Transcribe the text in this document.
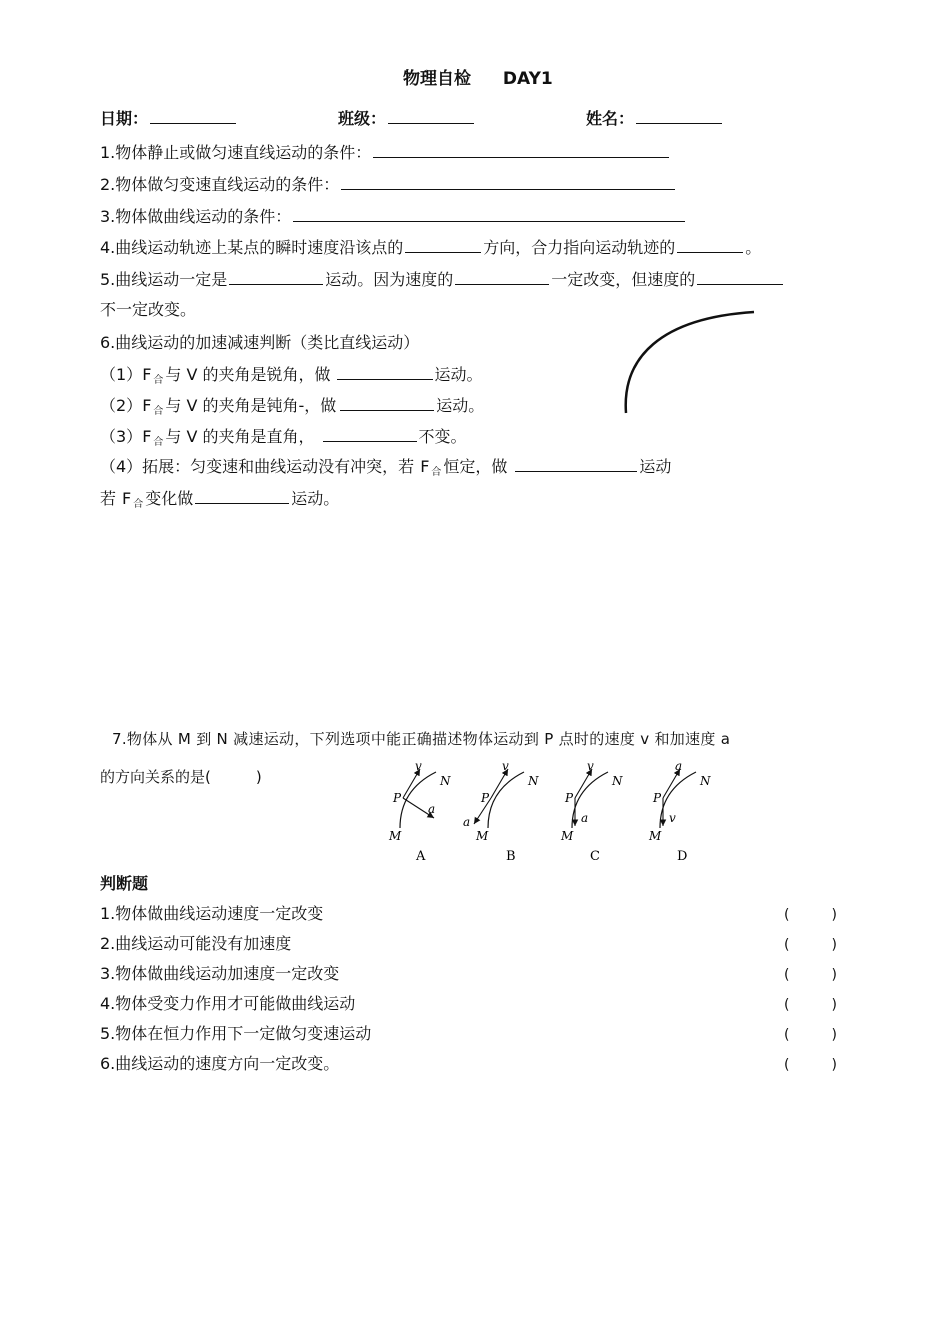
物理自检 DAY1
日期：	班级：	姓名：
1.物体静止或做匀速直线运动的条件：
2.物体做匀变速直线运动的条件：
3.物体做曲线运动的条件：
4.曲线运动轨迹上某点的瞬时速度沿该点的	方向，合力指向运动轨迹的	。
5.曲线运动一定是	运动。因为速度的	一定改变，但速度的
不一定改变。
6.曲线运动的加速减速判断（类比直线运动）
（1）F $_合$ 与 V 的夹角是锐角，做	运动。
（2）F $_合$ 与 V 的夹角是钝角-，做	运动。
（3）F $_合$ 与 V 的夹角是直角，	不变。
（4）拓展：匀变速和曲线运动没有冲突，若 F $_合$ 恒定，做	运动
若 F $_合$ 变化做	运动。
7.物体从 M 到 N 减速运动，下列选项中能正确描述物体运动到 P 点时的速度 v 和加速度 a
的方向关系的是(　　　)
v
a
P
N
M
A
v
a
P
N
M
B
v
a
P
N
M
C
a
v
P
N
M
D
判断题
1.物体做曲线运动速度一定改变	(　　　)
2.曲线运动可能没有加速度	(　　　)
3.物体做曲线运动加速度一定改变	(　　　)
4.物体受变力作用才可能做曲线运动	(　　　)
5.物体在恒力作用下一定做匀变速运动	(　　　)
6.曲线运动的速度方向一定改变。	(　　　)
